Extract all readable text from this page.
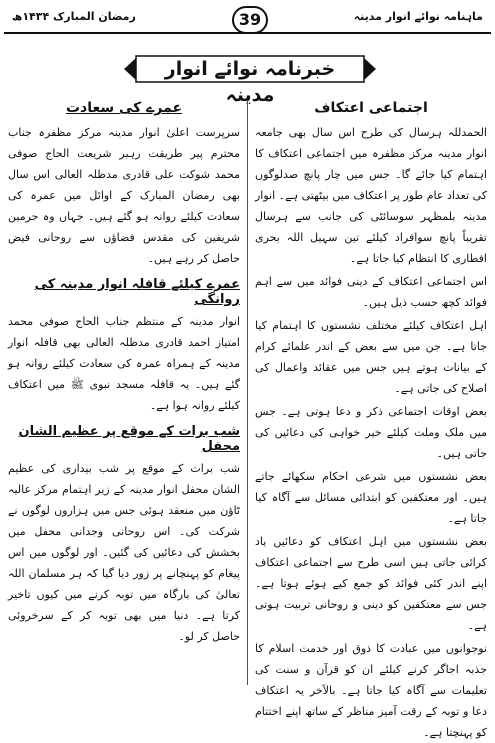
ماہنامہ نوائے انوار مدینہ
39
رمضان المبارک ۱۴۳۴ھ
خبرنامہ نوائے انوار مدینہ
اجتماعی اعتکاف

الحمدللہ ہرسال کی طرح اس سال بھی جامعہ انوار مدینہ مرکز مظفرہ میں اجتماعی اعتکاف کا اہتمام کیا جائے گا۔ جس میں چار پانچ صدلوگوں کی تعداد عام طور پر اعتکاف میں بیٹھتی ہے۔ انوار مدینہ بلمظہر سوسائٹی کی جانب سے ہرسال تقریباً پانچ سوافراد کیلئے تین سہیل اللہ بحری افطاری کا انتظام کیا جاتا ہے۔

اس اجتماعی اعتکاف کے دینی فوائد میں سے اہم فوائد کچھ حسب ذیل ہیں۔

اہل اعتکاف کیلئے مختلف نشستوں کا اہتمام کیا جاتا ہے۔ جن میں سے بعض کے اندر علمائے کرام کے بیانات ہوتے ہیں جس میں عقائد واعمال کی اصلاح کی جاتی ہے۔

بعض اوقات اجتماعی ذکر و دعا ہوتی ہے۔ جس میں ملک وملت کیلئے خیر خواہی کی دعائیں کی جاتی ہیں۔

بعض نشستوں میں شرعی احکام سکھائے جاتے ہیں۔ اور معتکفین کو ابتدائی مسائل سے آگاہ کیا جاتا ہے۔

بعض نشستوں میں اہل اعتکاف کو دعائیں یاد کرائی جاتی ہیں اسی طرح سے اجتماعی اعتکاف اپنے اندر کئی فوائد کو جمع کیے ہوئے ہوتا ہے۔ جس سے معتکفین کو دینی و روحانی تربیت ہوتی ہے۔

نوجوانوں میں عبادت کا ذوق اور خدمت اسلام کا جذبہ اجاگر کرنے کیلئے ان کو قرآن و سنت کی تعلیمات سے آگاہ کیا جاتا ہے۔ بالآخر یہ اعتکاف دعا و توبہ کے رقت آمیز مناظر کے ساتھ اپنے اختتام کو پہنچتا ہے۔

عمرے کی سعادت

سرپرست اعلیٰ انوار مدینہ مرکز مظفرہ جناب محترم پیر طریقت رہبر شریعت الحاج صوفی محمد شوکت علی قادری مدظلہ العالی اس سال بھی رمضان المبارک کے اوائل میں عمرہ کی سعادت کیلئے روانہ ہو گئے ہیں۔ جہاں وہ حرمین شریفین کی مقدس فضاؤں سے روحانی فیض حاصل کر رہے ہیں۔

عمرے کیلئے قافلہ انوار مدینہ کی روانگی

انوار مدینہ کے منتظم جناب الحاج صوفی محمد امتیاز احمد قادری مدظلہ العالی بھی قافلہ انوار مدینہ کے ہمراہ عمرہ کی سعادت کیلئے روانہ ہو گئے ہیں۔ یہ قافلہ مسجد نبوی ﷺ میں اعتکاف کیلئے روانہ ہوا ہے۔

شب برات کے موقع پر عظیم الشان محفل

شب برات کے موقع پر شب بیداری کی عظیم الشان محفل انوار مدینہ کے زیر اہتمام مرکز عالیہ ٹاؤن میں منعقد ہوئی جس میں ہزاروں لوگوں نے شرکت کی۔ اس روحانی وجدانی محفل میں بخشش کی دعائیں کی گئیں۔ اور لوگوں میں اس پیغام کو پہنچانے پر زور دیا گیا کہ ہر مسلمان اللہ تعالیٰ کی بارگاہ میں توبہ کرنے میں کیوں تاخیر کرتا ہے۔ دنیا میں بھی توبہ کر کے سرخروئی حاصل کر لو۔
